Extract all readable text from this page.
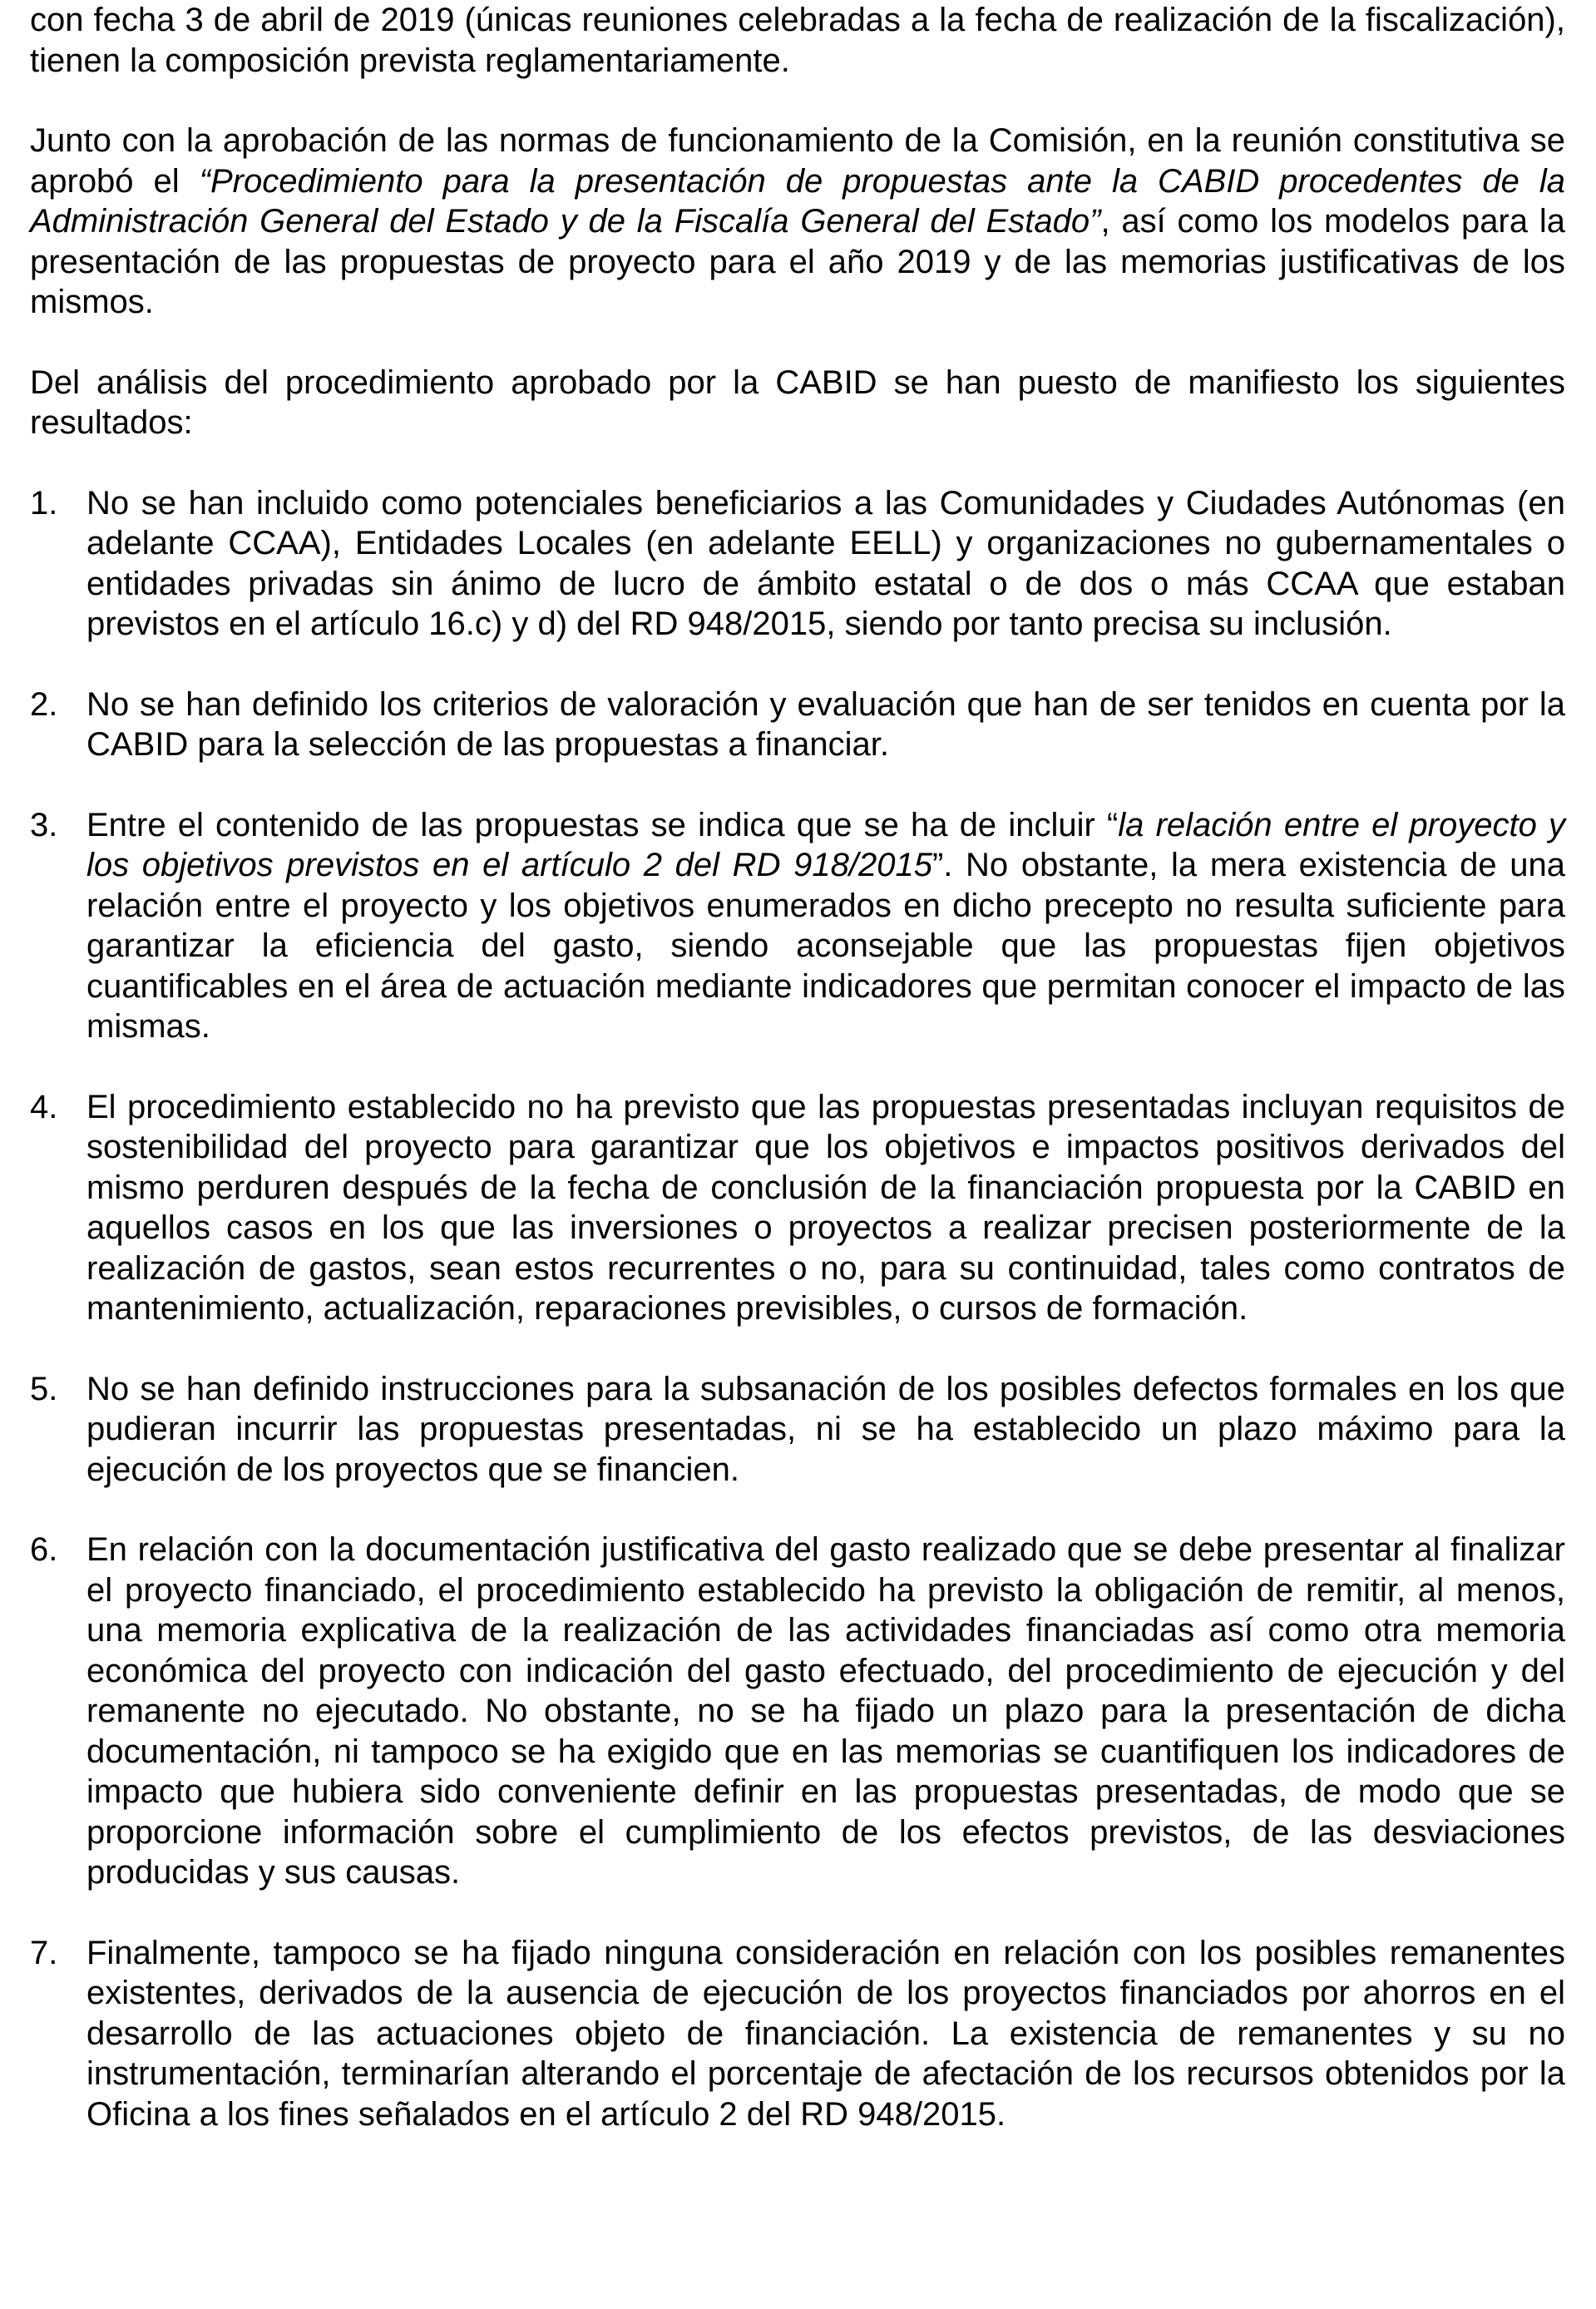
con fecha 3 de abril de 2019 (únicas reuniones celebradas a la fecha de realización de la fiscalización), tienen la composición prevista reglamentariamente.

Junto con la aprobación de las normas de funcionamiento de la Comisión, en la reunión constitutiva se aprobó el “Procedimiento para la presentación de propuestas ante la CABID procedentes de la Administración General del Estado y de la Fiscalía General del Estado”, así como los modelos para la presentación de las propuestas de proyecto para el año 2019 y de las memorias justificativas de los mismos.

Del análisis del procedimiento aprobado por la CABID se han puesto de manifiesto los siguientes resultados:

1. No se han incluido como potenciales beneficiarios a las Comunidades y Ciudades Autónomas (en adelante CCAA), Entidades Locales (en adelante EELL) y organizaciones no gubernamentales o entidades privadas sin ánimo de lucro de ámbito estatal o de dos o más CCAA que estaban previstos en el artículo 16.c) y d) del RD 948/2015, siendo por tanto precisa su inclusión.
2. No se han definido los criterios de valoración y evaluación que han de ser tenidos en cuenta por la CABID para la selección de las propuestas a financiar.
3. Entre el contenido de las propuestas se indica que se ha de incluir “la relación entre el proyecto y los objetivos previstos en el artículo 2 del RD 918/2015”. No obstante, la mera existencia de una relación entre el proyecto y los objetivos enumerados en dicho precepto no resulta suficiente para garantizar la eficiencia del gasto, siendo aconsejable que las propuestas fijen objetivos cuantificables en el área de actuación mediante indicadores que permitan conocer el impacto de las mismas.
4. El procedimiento establecido no ha previsto que las propuestas presentadas incluyan requisitos de sostenibilidad del proyecto para garantizar que los objetivos e impactos positivos derivados del mismo perduren después de la fecha de conclusión de la financiación propuesta por la CABID en aquellos casos en los que las inversiones o proyectos a realizar precisen posteriormente de la realización de gastos, sean estos recurrentes o no, para su continuidad, tales como contratos de mantenimiento, actualización, reparaciones previsibles, o cursos de formación.
5. No se han definido instrucciones para la subsanación de los posibles defectos formales en los que pudieran incurrir las propuestas presentadas, ni se ha establecido un plazo máximo para la ejecución de los proyectos que se financien.
6. En relación con la documentación justificativa del gasto realizado que se debe presentar al finalizar el proyecto financiado, el procedimiento establecido ha previsto la obligación de remitir, al menos, una memoria explicativa de la realización de las actividades financiadas así como otra memoria económica del proyecto con indicación del gasto efectuado, del procedimiento de ejecución y del remanente no ejecutado. No obstante, no se ha fijado un plazo para la presentación de dicha documentación, ni tampoco se ha exigido que en las memorias se cuantifiquen los indicadores de impacto que hubiera sido conveniente definir en las propuestas presentadas, de modo que se proporcione información sobre el cumplimiento de los efectos previstos, de las desviaciones producidas y sus causas.
7. Finalmente, tampoco se ha fijado ninguna consideración en relación con los posibles remanentes existentes, derivados de la ausencia de ejecución de los proyectos financiados por ahorros en el desarrollo de las actuaciones objeto de financiación. La existencia de remanentes y su no instrumentación, terminarían alterando el porcentaje de afectación de los recursos obtenidos por la Oficina a los fines señalados en el artículo 2 del RD 948/2015.
